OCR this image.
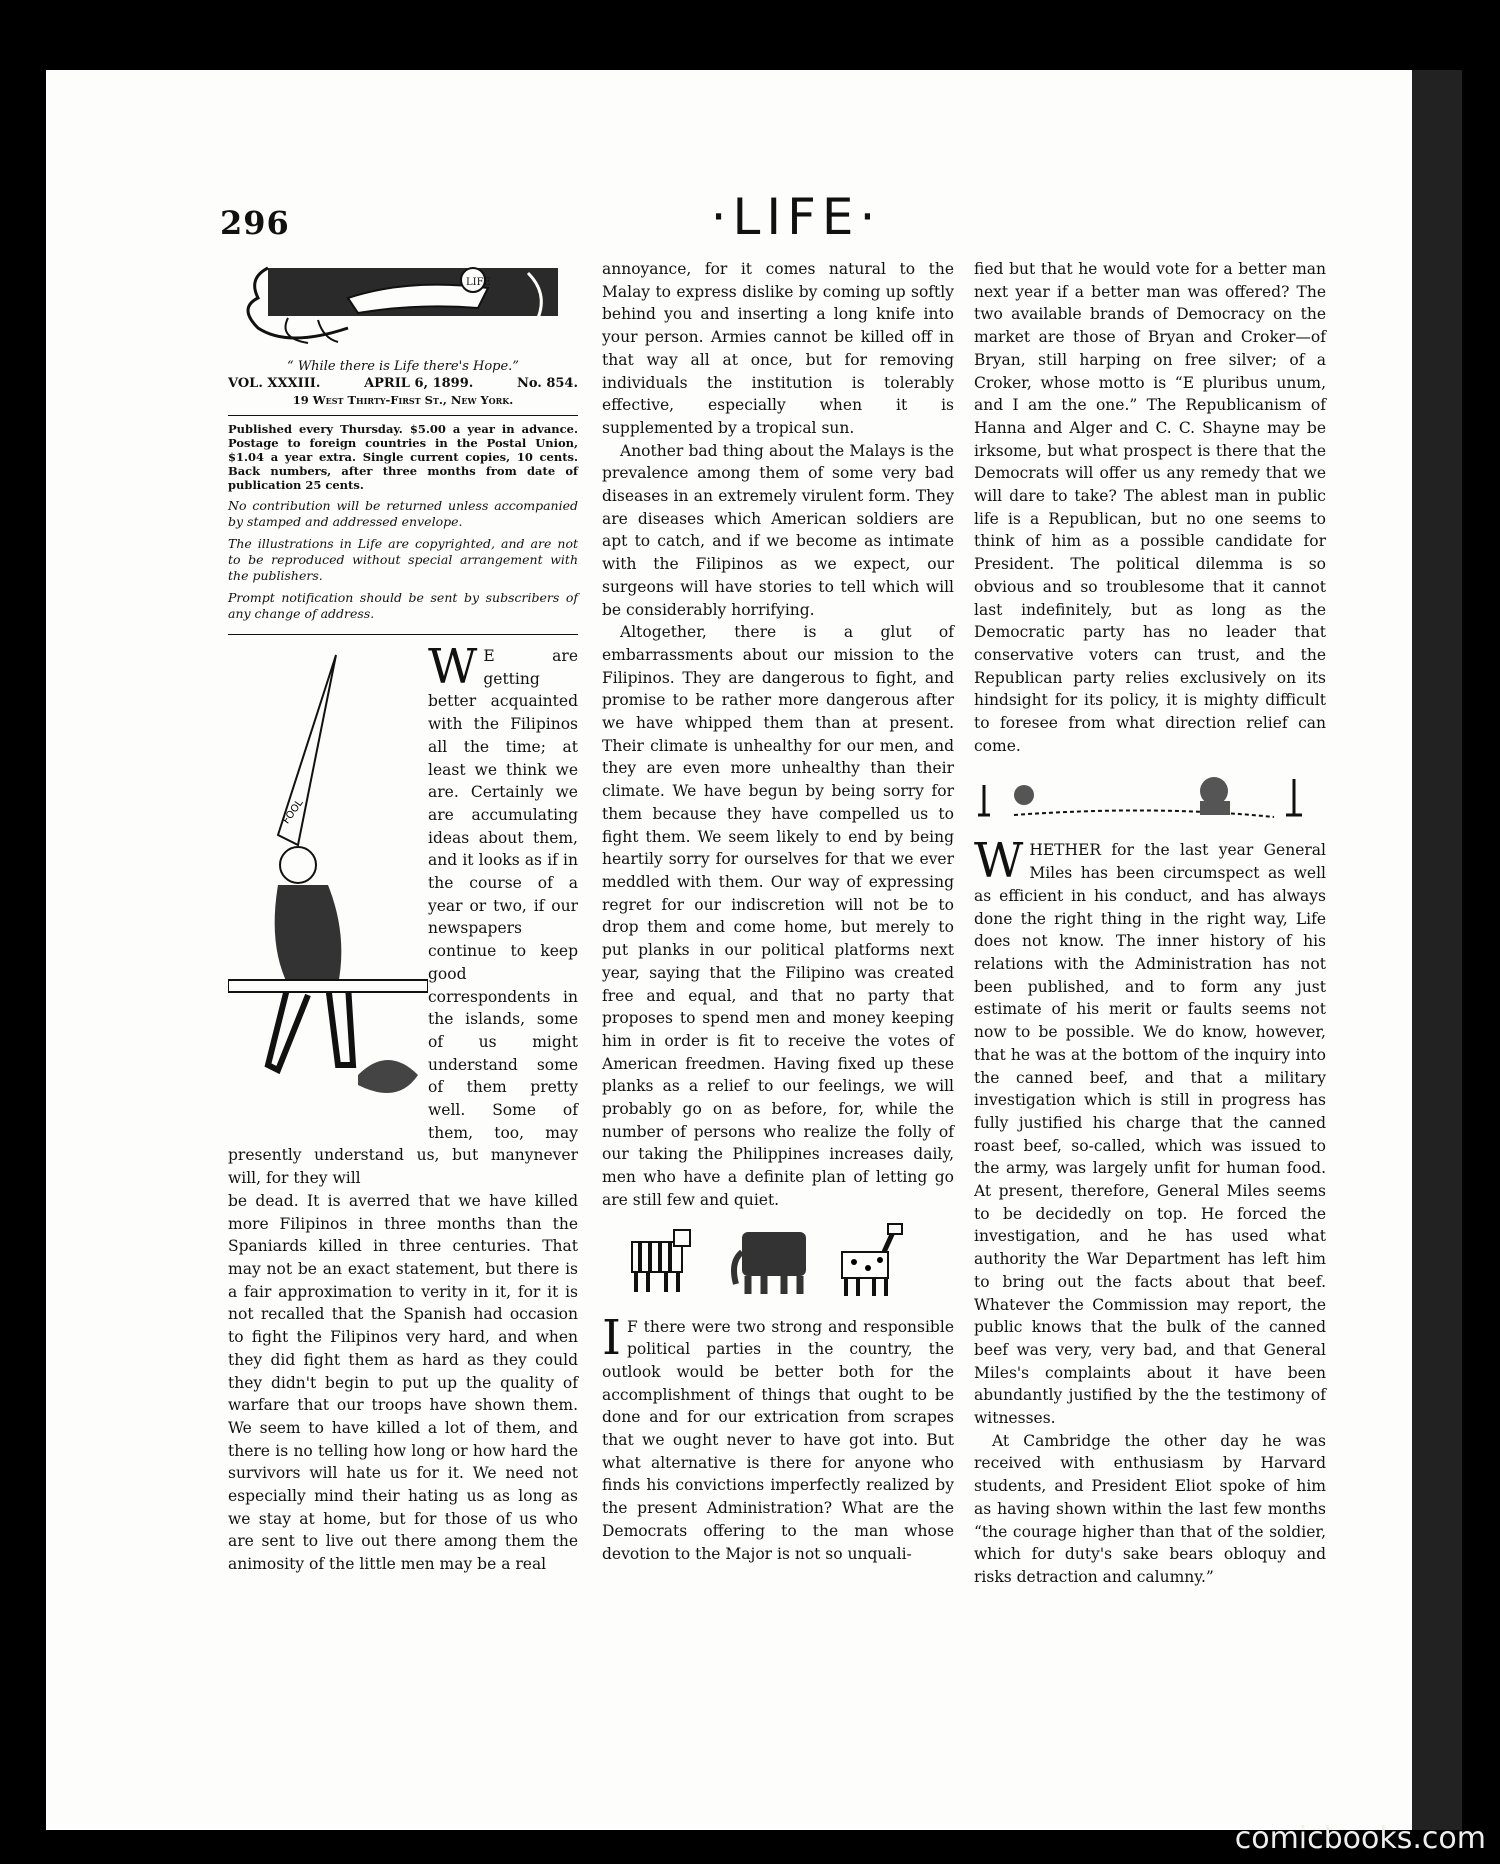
296	·LIFE·
LIFE
“ While there is Life there's Hope.”
VOL. XXXIII.	APRIL 6, 1899.	No. 854.
19 West Thirty-First St., New York.
Published every Thursday. $5.00 a year in advance. Postage to foreign countries in the Postal Union, $1.04 a year extra. Single current copies, 10 cents. Back numbers, after three months from date of publication 25 cents.
No contribution will be returned unless accompanied by stamped and addressed envelope.
The illustrations in Life are copyrighted, and are not to be reproduced without special arrangement with the publishers.
Prompt notification should be sent by subscribers of any change of address.
FOOL
W E are getting better acquainted with the Filipinos all the time; at least we think we are. Certainly we are accumulating ideas about them, and it looks as if in the course of a year or two, if our newspapers continue to keep good correspondents in the islands, some of us might understand some of them pretty well. Some of them, too, may presently understand us, but manynever will, for they will

be dead. It is averred that we have killed more Filipinos in three months than the Spaniards killed in three centuries. That may not be an exact statement, but there is a fair approximation to verity in it, for it is not recalled that the Spanish had occasion to fight the Filipinos very hard, and when they did fight them as hard as they could they didn't begin to put up the quality of warfare that our troops have shown them. We seem to have killed a lot of them, and there is no telling how long or how hard the survivors will hate us for it. We need not especially mind their hating us as long as we stay at home, but for those of us who are sent to live out there among them the animosity of the little men may be a real

annoyance, for it comes natural to the Malay to express dislike by coming up softly behind you and inserting a long knife into your person. Armies cannot be killed off in that way all at once, but for removing individuals the institution is tolerably effective, especially when it is supplemented by a tropical sun.

Another bad thing about the Malays is the prevalence among them of some very bad diseases in an extremely virulent form. They are diseases which American soldiers are apt to catch, and if we become as intimate with the Filipinos as we expect, our surgeons will have stories to tell which will be considerably horrifying.

Altogether, there is a glut of embarrassments about our mission to the Filipinos. They are dangerous to fight, and promise to be rather more dangerous after we have whipped them than at present. Their climate is unhealthy for our men, and they are even more unhealthy than their climate. We have begun by being sorry for them because they have compelled us to fight them. We seem likely to end by being heartily sorry for ourselves for that we ever meddled with them. Our way of expressing regret for our indiscretion will not be to drop them and come home, but merely to put planks in our political platforms next year, saying that the Filipino was created free and equal, and that no party that proposes to spend men and money keeping him in order is fit to receive the votes of American freedmen. Having fixed up these planks as a relief to our feelings, we will probably go on as before, for, while the number of persons who realize the folly of our taking the Philippines increases daily, men who have a definite plan of letting go are still few and quiet.

I F there were two strong and responsible political parties in the country, the outlook would be better both for the accomplishment of things that ought to be done and for our extrication from scrapes that we ought never to have got into. But what alternative is there for anyone who finds his convictions imperfectly realized by the present Administration? What are the Democrats offering to the man whose devotion to the Major is not so unquali-

fied but that he would vote for a better man next year if a better man was offered? The two available brands of Democracy on the market are those of Bryan and Croker—of Bryan, still harping on free silver; of a Croker, whose motto is “E pluribus unum, and I am the one.” The Republicanism of Hanna and Alger and C. C. Shayne may be irksome, but what prospect is there that the Democrats will offer us any remedy that we will dare to take? The ablest man in public life is a Republican, but no one seems to think of him as a possible candidate for President. The political dilemma is so obvious and so troublesome that it cannot last indefinitely, but as long as the Democratic party has no leader that conservative voters can trust, and the Republican party relies exclusively on its hindsight for its policy, it is mighty difficult to foresee from what direction relief can come.

W HETHER for the last year General Miles has been circumspect as well as efficient in his conduct, and has always done the right thing in the right way, Life does not know. The inner history of his relations with the Administration has not been published, and to form any just estimate of his merit or faults seems not now to be possible. We do know, however, that he was at the bottom of the inquiry into the canned beef, and that a military investigation which is still in progress has fully justified his charge that the canned roast beef, so-called, which was issued to the army, was largely unfit for human food. At present, therefore, General Miles seems to be decidedly on top. He forced the investigation, and he has used what authority the War Department has left him to bring out the facts about that beef. Whatever the Commission may report, the public knows that the bulk of the canned beef was very, very bad, and that General Miles's complaints about it have been abundantly justified by the the testimony of witnesses.

At Cambridge the other day he was received with enthusiasm by Harvard students, and President Eliot spoke of him as having shown within the last few months “the courage higher than that of the soldier, which for duty's sake bears obloquy and risks detraction and calumny.”

comicbooks.com
